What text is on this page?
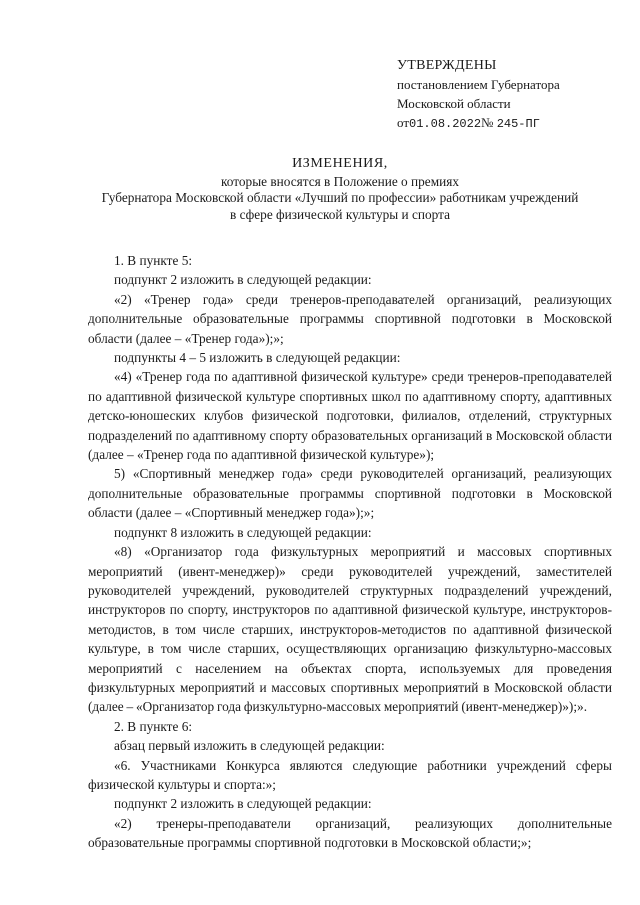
УТВЕРЖДЕНЫ
постановлением Губернатора
Московской области
от01.08.2022№ 245-ПГ
ИЗМЕНЕНИЯ,
которые вносятся в Положение о премиях
Губернатора Московской области «Лучший по профессии» работникам учреждений
в сфере физической культуры и спорта

1. В пункте 5:

подпункт 2 изложить в следующей редакции:

«2) «Тренер года» среди тренеров-преподавателей организаций, реализующих дополнительные образовательные программы спортивной подготовки в Московской области (далее – «Тренер года»);»;

подпункты 4 – 5 изложить в следующей редакции:

«4) «Тренер года по адаптивной физической культуре» среди тренеров-преподавателей по адаптивной физической культуре спортивных школ по адаптивному спорту, адаптивных детско-юношеских клубов физической подготовки, филиалов, отделений, структурных подразделений по адаптивному спорту образовательных организаций в Московской области (далее – «Тренер года по адаптивной физической культуре»);

5) «Спортивный менеджер года» среди руководителей организаций, реализующих дополнительные образовательные программы спортивной подготовки в Московской области (далее – «Спортивный менеджер года»);»;

подпункт 8 изложить в следующей редакции:

«8) «Организатор года физкультурных мероприятий и массовых спортивных мероприятий (ивент-менеджер)» среди руководителей учреждений, заместителей руководителей учреждений, руководителей структурных подразделений учреждений, инструкторов по спорту, инструкторов по адаптивной физической культуре, инструкторов-методистов, в том числе старших, инструкторов-методистов по адаптивной физической культуре, в том числе старших, осуществляющих организацию физкультурно-массовых мероприятий с населением на объектах спорта, используемых для проведения физкультурных мероприятий и массовых спортивных мероприятий в Московской области (далее – «Организатор года физкультурно-массовых мероприятий (ивент-менеджер)»);».

2. В пункте 6:

абзац первый изложить в следующей редакции:

«6. Участниками Конкурса являются следующие работники учреждений сферы физической культуры и спорта:»;

подпункт 2 изложить в следующей редакции:

«2) тренеры-преподаватели организаций, реализующих дополнительные образовательные программы спортивной подготовки в Московской области;»;
